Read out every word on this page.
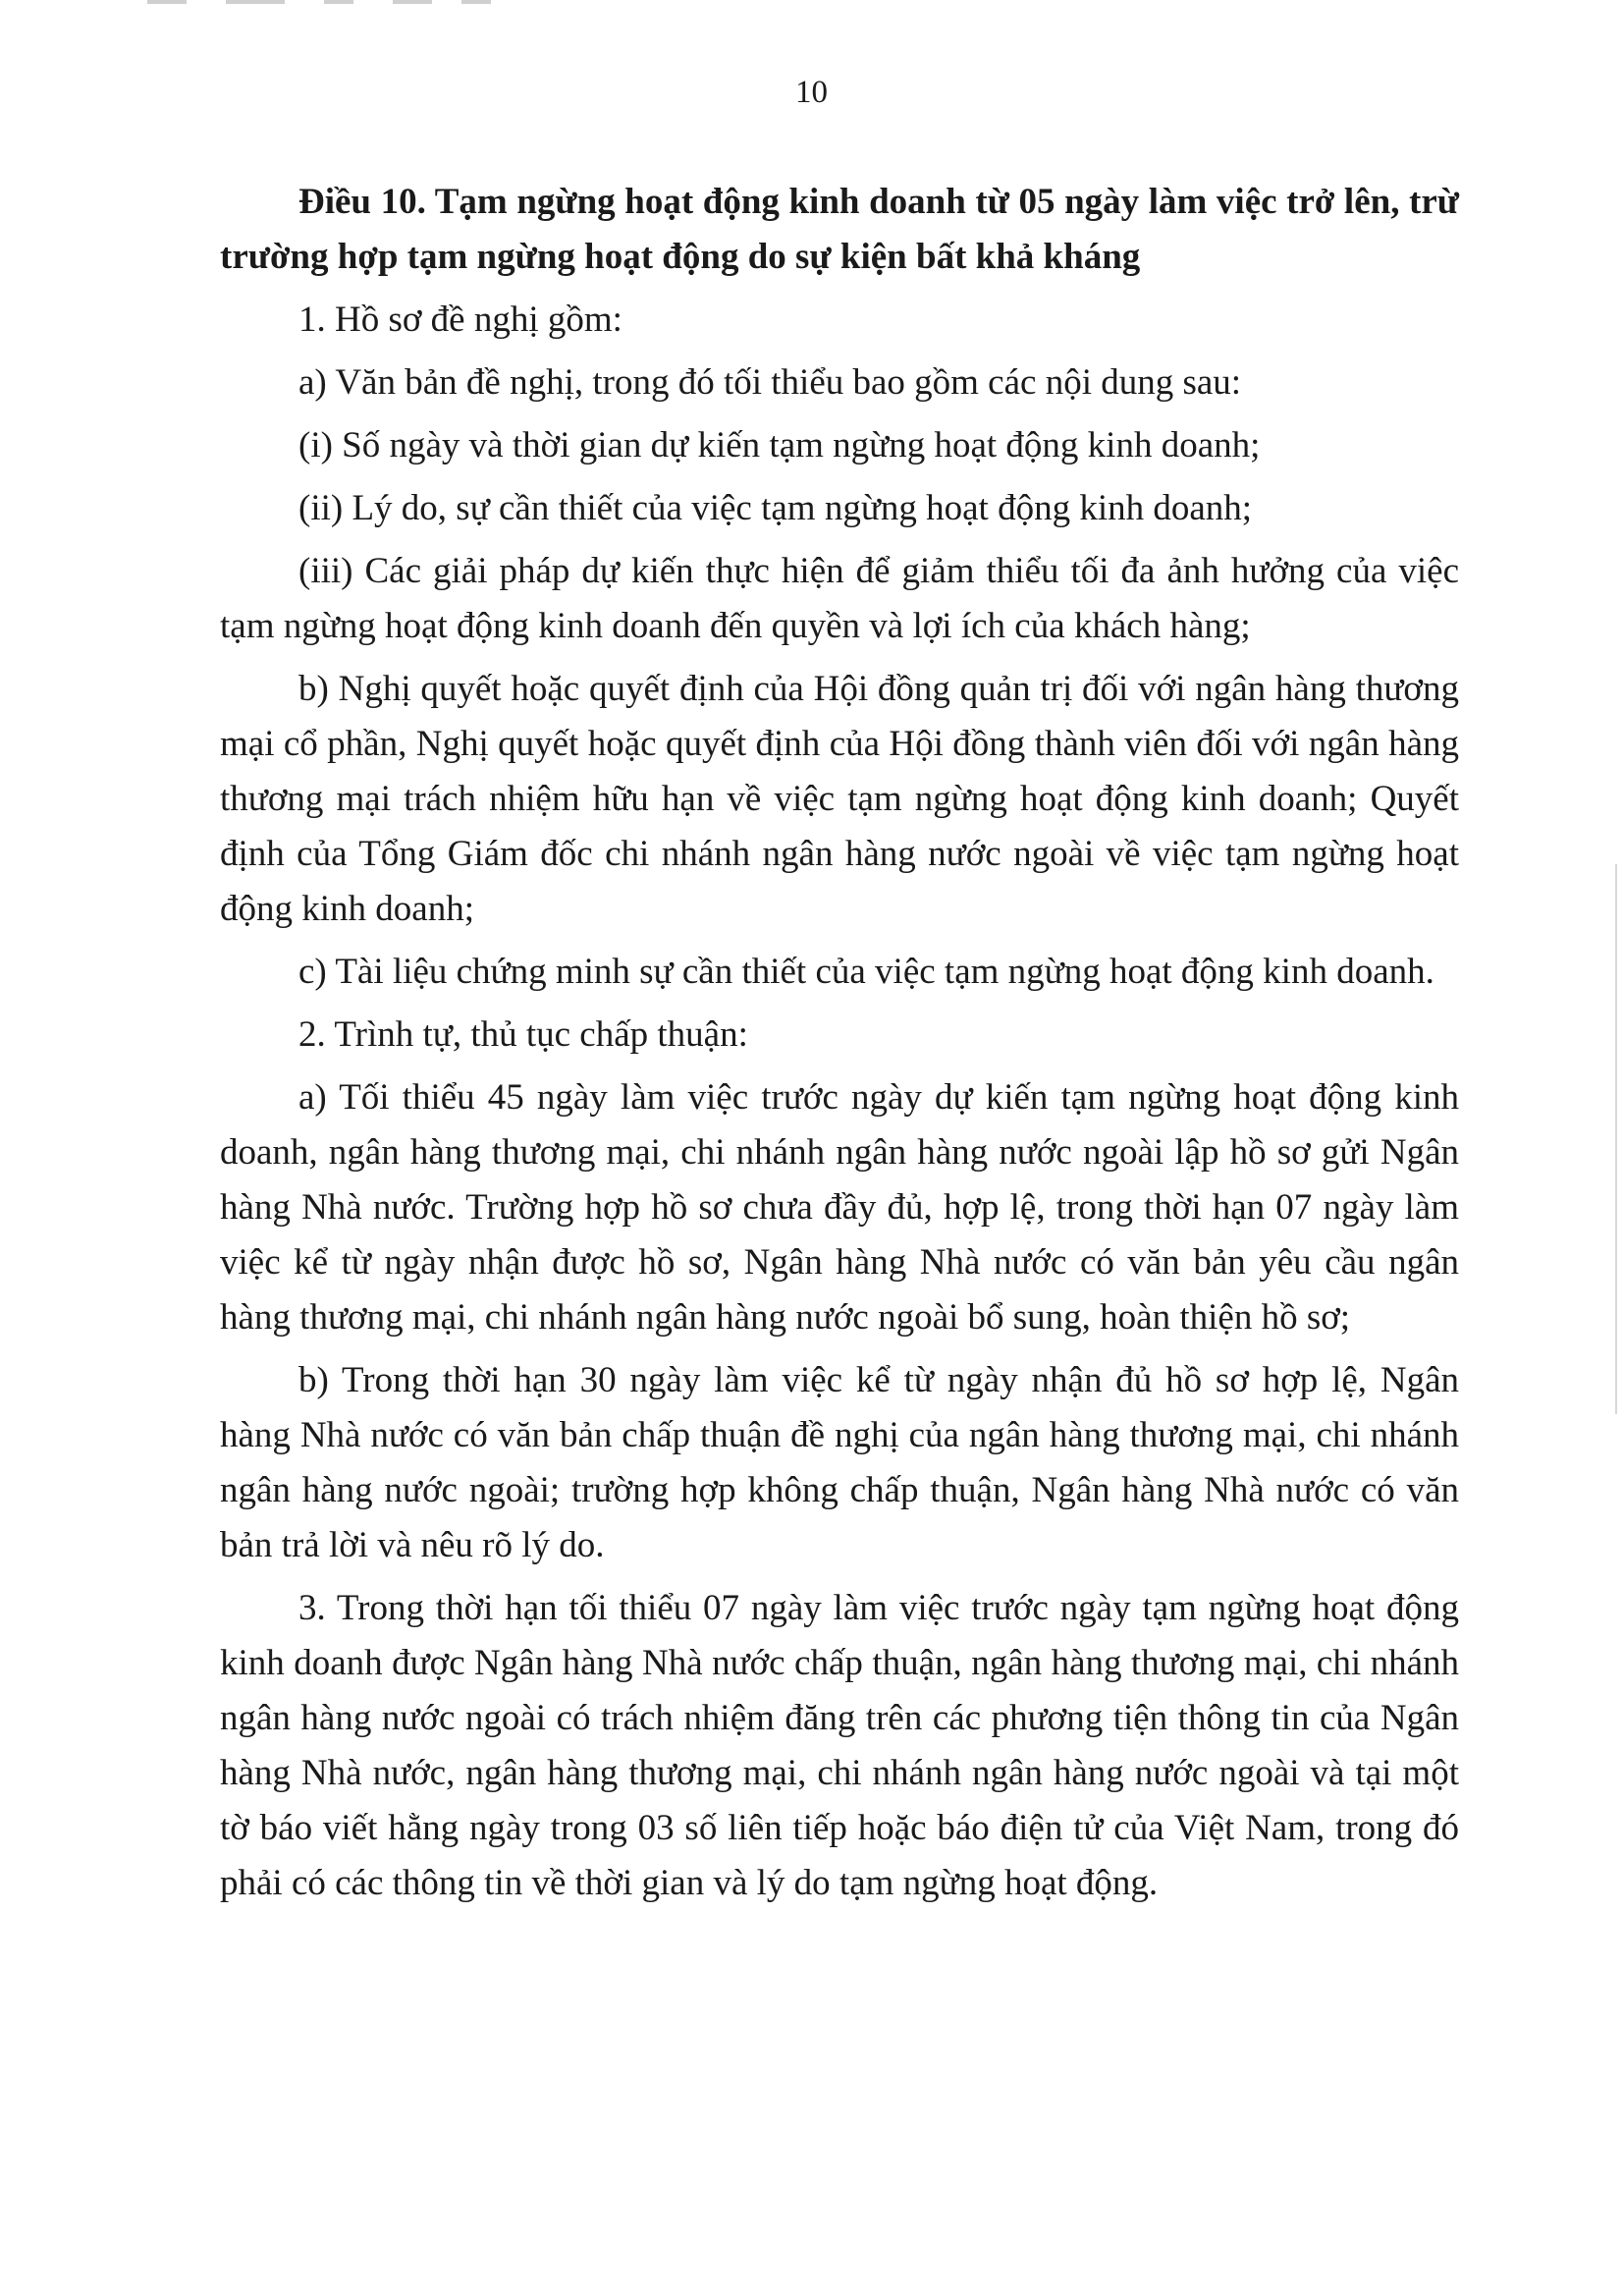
10

Điều 10. Tạm ngừng hoạt động kinh doanh từ 05 ngày làm việc trở lên, trừ trường hợp tạm ngừng hoạt động do sự kiện bất khả kháng

1. Hồ sơ đề nghị gồm:

a) Văn bản đề nghị, trong đó tối thiểu bao gồm các nội dung sau:

(i) Số ngày và thời gian dự kiến tạm ngừng hoạt động kinh doanh;

(ii) Lý do, sự cần thiết của việc tạm ngừng hoạt động kinh doanh;

(iii) Các giải pháp dự kiến thực hiện để giảm thiểu tối đa ảnh hưởng của việc tạm ngừng hoạt động kinh doanh đến quyền và lợi ích của khách hàng;

b) Nghị quyết hoặc quyết định của Hội đồng quản trị đối với ngân hàng thương mại cổ phần, Nghị quyết hoặc quyết định của Hội đồng thành viên đối với ngân hàng thương mại trách nhiệm hữu hạn về việc tạm ngừng hoạt động kinh doanh; Quyết định của Tổng Giám đốc chi nhánh ngân hàng nước ngoài về việc tạm ngừng hoạt động kinh doanh;

c) Tài liệu chứng minh sự cần thiết của việc tạm ngừng hoạt động kinh doanh.

2. Trình tự, thủ tục chấp thuận:

a) Tối thiểu 45 ngày làm việc trước ngày dự kiến tạm ngừng hoạt động kinh doanh, ngân hàng thương mại, chi nhánh ngân hàng nước ngoài lập hồ sơ gửi Ngân hàng Nhà nước. Trường hợp hồ sơ chưa đầy đủ, hợp lệ, trong thời hạn 07 ngày làm việc kể từ ngày nhận được hồ sơ, Ngân hàng Nhà nước có văn bản yêu cầu ngân hàng thương mại, chi nhánh ngân hàng nước ngoài bổ sung, hoàn thiện hồ sơ;

b) Trong thời hạn 30 ngày làm việc kể từ ngày nhận đủ hồ sơ hợp lệ, Ngân hàng Nhà nước có văn bản chấp thuận đề nghị của ngân hàng thương mại, chi nhánh ngân hàng nước ngoài; trường hợp không chấp thuận, Ngân hàng Nhà nước có văn bản trả lời và nêu rõ lý do.

3. Trong thời hạn tối thiểu 07 ngày làm việc trước ngày tạm ngừng hoạt động kinh doanh được Ngân hàng Nhà nước chấp thuận, ngân hàng thương mại, chi nhánh ngân hàng nước ngoài có trách nhiệm đăng trên các phương tiện thông tin của Ngân hàng Nhà nước, ngân hàng thương mại, chi nhánh ngân hàng nước ngoài và tại một tờ báo viết hằng ngày trong 03 số liên tiếp hoặc báo điện tử của Việt Nam, trong đó phải có các thông tin về thời gian và lý do tạm ngừng hoạt động.
